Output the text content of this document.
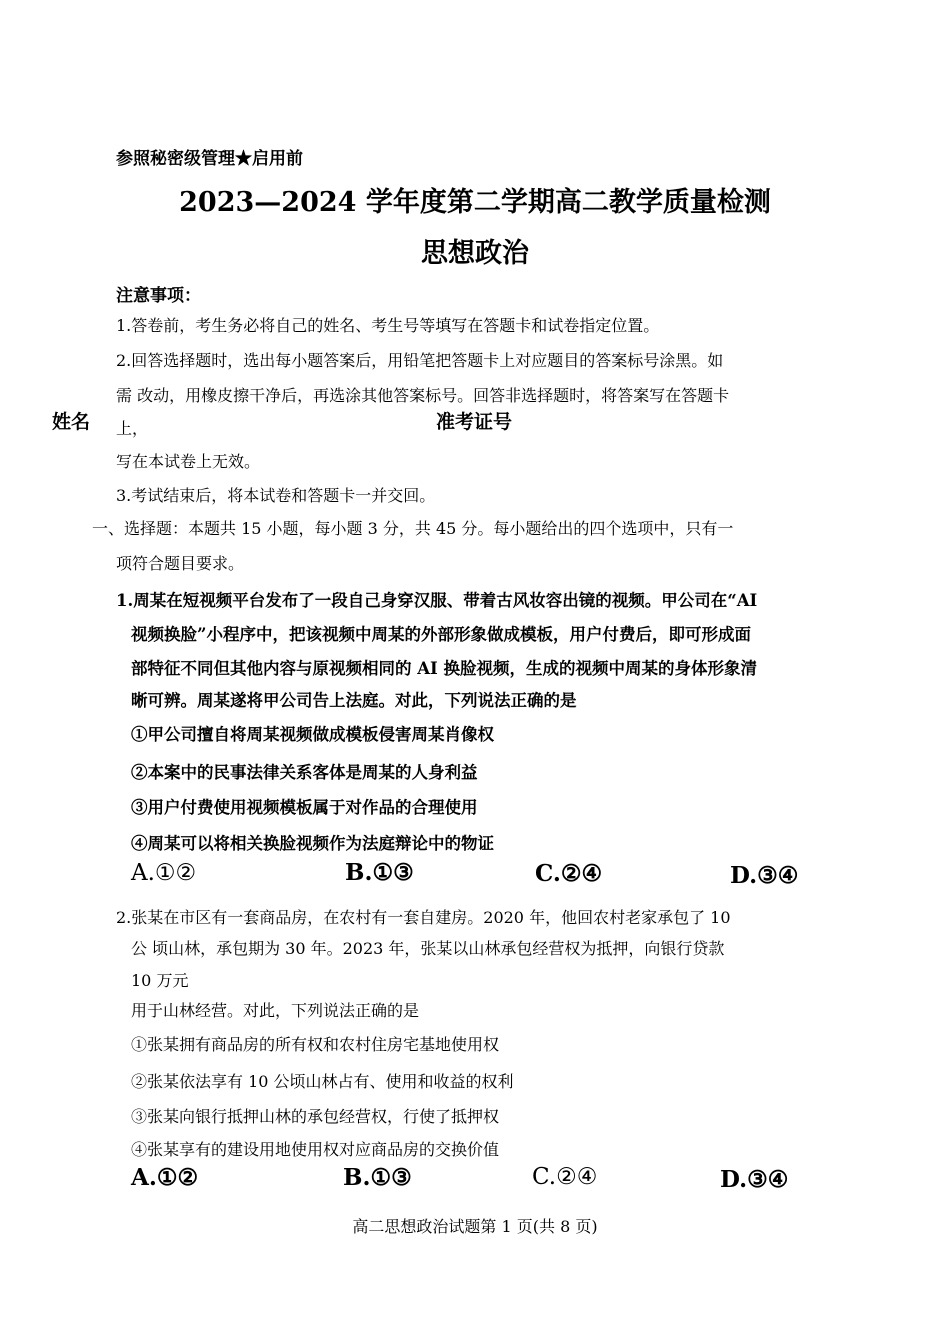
参照秘密级管理★启用前
2023—2024 学年度第二学期高二教学质量检测
思想政治
姓名	准考证号
注意事项：
1.答卷前，考生务必将自己的姓名、考生号等填写在答题卡和试卷指定位置。
2.回答选择题时，选出每小题答案后，用铅笔把答题卡上对应题目的答案标号涂黑。如
需 改动，用橡皮擦干净后，再选涂其他答案标号。回答非选择题时，将答案写在答题卡
上，
写在本试卷上无效。
3.考试结束后，将本试卷和答题卡一并交回。
一、选择题：本题共 15 小题，每小题 3 分，共 45 分。每小题给出的四个选项中，只有一
项符合题目要求。
1.周某在短视频平台发布了一段自己身穿汉服、带着古风妆容出镜的视频。甲公司在“AI
视频换脸”小程序中，把该视频中周某的外部形象做成模板，用户付费后，即可形成面
部特征不同但其他内容与原视频相同的 AI 换脸视频，生成的视频中周某的身体形象清
晰可辨。周某遂将甲公司告上法庭。对此，下列说法正确的是
①甲公司擅自将周某视频做成模板侵害周某肖像权
②本案中的民事法律关系客体是周某的人身利益
③用户付费使用视频模板属于对作品的合理使用
④周某可以将相关换脸视频作为法庭辩论中的物证
A.①②	B.①③	C.②④	D.③④
2.张某在市区有一套商品房，在农村有一套自建房。2020 年，他回农村老家承包了 10
公 顷山林，承包期为 30 年。2023 年，张某以山林承包经营权为抵押，向银行贷款
10 万元
用于山林经营。对此，下列说法正确的是
①张某拥有商品房的所有权和农村住房宅基地使用权
②张某依法享有 10 公顷山林占有、使用和收益的权利
③张某向银行抵押山林的承包经营权，行使了抵押权
④张某享有的建设用地使用权对应商品房的交换价值
A.①②	B.①③	C.②④	D.③④
高二思想政治试题第 1 页(共 8 页)
